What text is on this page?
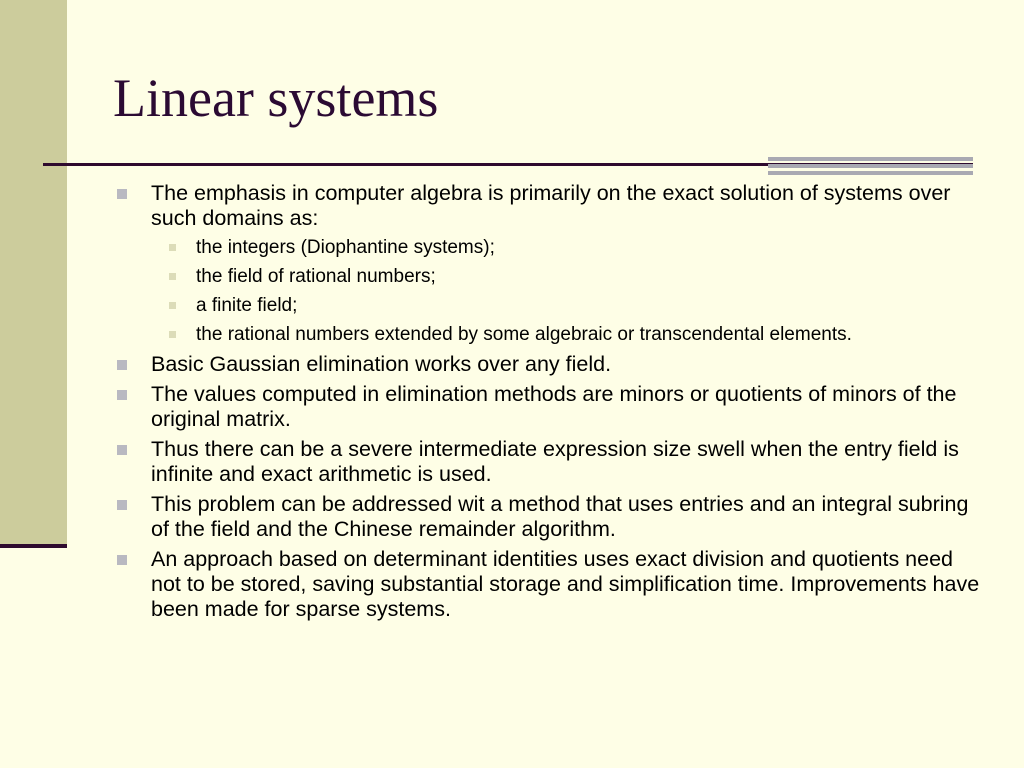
Linear systems
The emphasis in computer algebra is primarily on the exact solution of systems over such domains as:
the integers (Diophantine systems);
the field of rational numbers;
a finite field;
the rational numbers extended by some algebraic or transcendental elements.
Basic Gaussian elimination works over any field.
The values computed in elimination methods are minors or quotients of minors of the original matrix.
Thus there can be a severe intermediate expression size swell when the entry field is infinite and exact arithmetic is used.
This problem can be addressed wit a method that uses entries and an integral subring of the field and the Chinese remainder algorithm.
An approach based on determinant identities uses exact division and quotients need not to be stored, saving substantial storage and simplification time. Improvements have been made for sparse systems.
